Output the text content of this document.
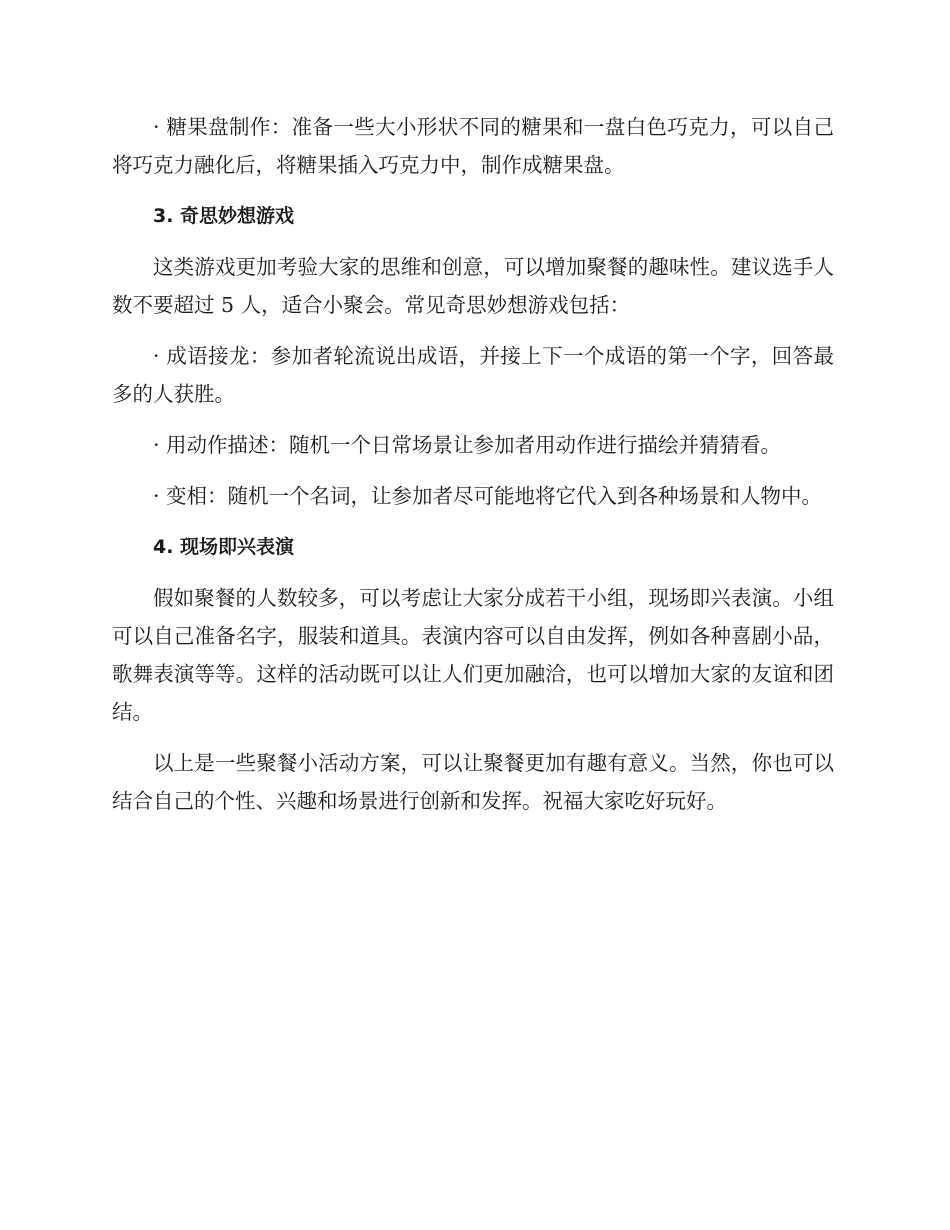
· 糖果盘制作：准备一些大小形状不同的糖果和一盘白色巧克力，可以自己将巧克力融化后，将糖果插入巧克力中，制作成糖果盘。

3. 奇思妙想游戏

这类游戏更加考验大家的思维和创意，可以增加聚餐的趣味性。建议选手人数不要超过 5 人，适合小聚会。常见奇思妙想游戏包括：

· 成语接龙：参加者轮流说出成语，并接上下一个成语的第一个字，回答最多的人获胜。

· 用动作描述：随机一个日常场景让参加者用动作进行描绘并猜猜看。

· 变相：随机一个名词，让参加者尽可能地将它代入到各种场景和人物中。

4. 现场即兴表演

假如聚餐的人数较多，可以考虑让大家分成若干小组，现场即兴表演。小组可以自己准备名字，服装和道具。表演内容可以自由发挥，例如各种喜剧小品，歌舞表演等等。这样的活动既可以让人们更加融洽，也可以增加大家的友谊和团结。

以上是一些聚餐小活动方案，可以让聚餐更加有趣有意义。当然，你也可以结合自己的个性、兴趣和场景进行创新和发挥。祝福大家吃好玩好。
